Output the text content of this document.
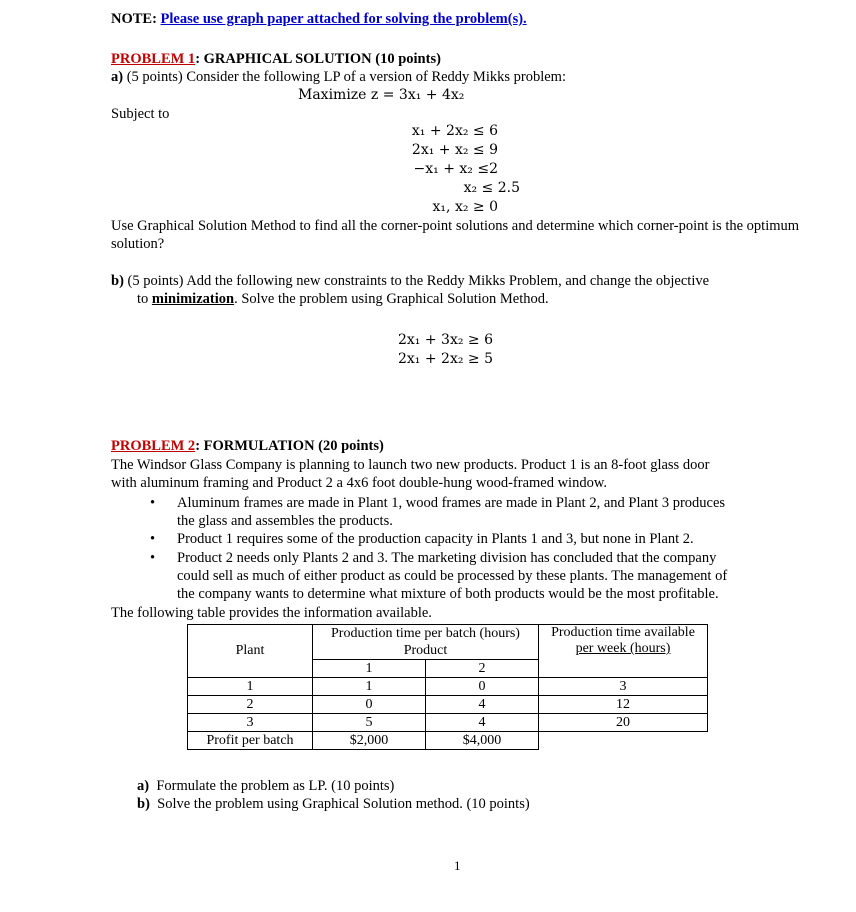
NOTE: Please use graph paper attached for solving the problem(s).
PROBLEM 1: GRAPHICAL SOLUTION (10 points)
a) (5 points) Consider the following LP of a version of Reddy Mikks problem:
Maximize z = 3x₁ + 4x₂
Subject to
x₁ + 2x₂ ≤ 6
2x₁ + x₂ ≤ 9
−x₁ + x₂ ≤2
x₂ ≤ 2.5
x₁, x₂ ≥ 0
Use Graphical Solution Method to find all the corner-point solutions and determine which corner-point is the optimum solution?
b) (5 points) Add the following new constraints to the Reddy Mikks Problem, and change the objective
to minimization. Solve the problem using Graphical Solution Method.
2x₁ + 3x₂ ≥ 6
2x₁ + 2x₂ ≥ 5
PROBLEM 2: FORMULATION (20 points)
The Windsor Glass Company is planning to launch two new products. Product 1 is an 8-foot glass door
with aluminum framing and Product 2 a 4x6 foot double-hung wood-framed window.
• Aluminum frames are made in Plant 1, wood frames are made in Plant 2, and Plant 3 produces
the glass and assembles the products.
• Product 1 requires some of the production capacity in Plants 1 and 3, but none in Plant 2.
• Product 2 needs only Plants 2 and 3. The marketing division has concluded that the company
could sell as much of either product as could be processed by these plants. The management of
the company wants to determine what mixture of both products would be the most profitable.
The following table provides the information available.
Plant	Production time per batch (hours)		Production time available
per week (hours)

	Product		
	1	2	
1	1	0	3
2	0	4	12
3	5	4	20
Profit per batch	$2,000	$4,000	
a) Formulate the problem as LP. (10 points)
b) Solve the problem using Graphical Solution method. (10 points)
1
